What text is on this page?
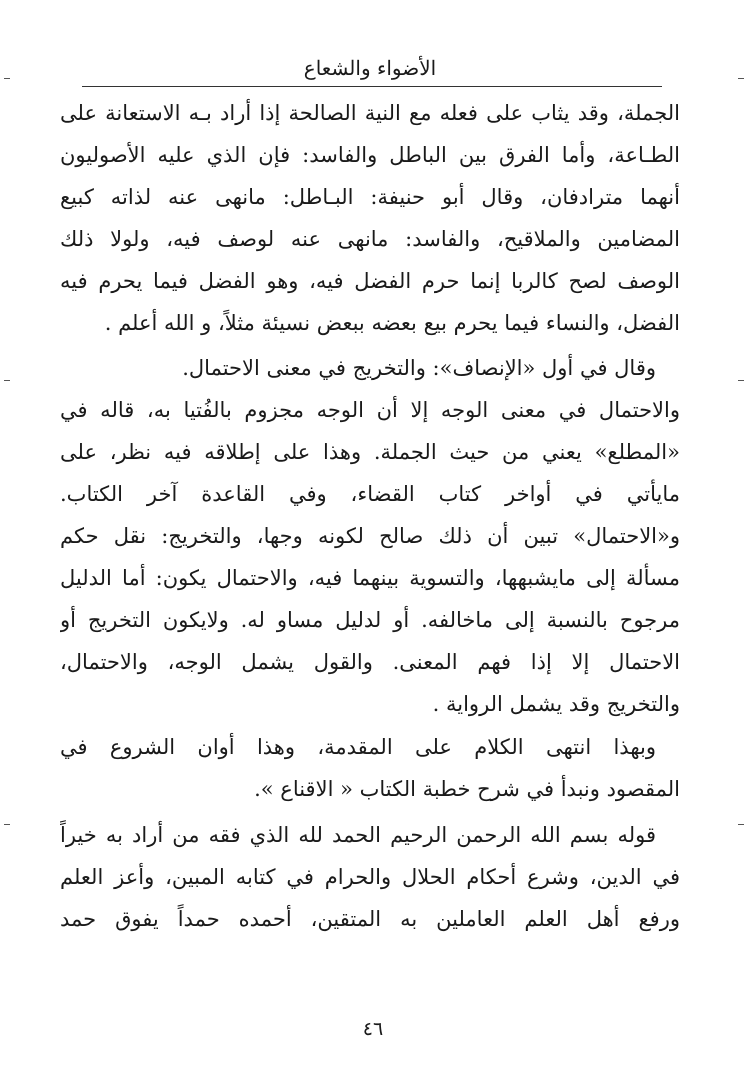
الأضواء والشعاع
الجملة، وقد يثاب على فعله مع النية الصالحة إذا أراد بـه الاستعانة على
الطـاعة، وأما الفرق بين الباطل والفاسد: فإن الذي عليه الأصوليون
أنهما مترادفان، وقال أبو حنيفة: البـاطل: مانهى عنه لذاته كبيع
المضامين والملاقيح، والفاسد: مانهى عنه لوصف فيه، ولولا ذلك
الوصف لصح كالربا إنما حرم الفضل فيه، وهو الفضل فيما يحرم فيه
الفضل، والنساء فيما يحرم بيع بعضه ببعض نسيئة مثلاً، و الله أعلم .
وقال في أول «الإنصاف»: والتخريج في معنى الاحتمال.
والاحتمال في معنى الوجه إلا أن الوجه مجزوم بالفُتيا به، قاله في
«المطلع» يعني من حيث الجملة. وهذا على إطلاقه فيه نظر، على
مايأتي في أواخر كتاب القضاء، وفي القاعدة آخر الكتاب.
و«الاحتمال» تبين أن ذلك صالح لكونه وجها، والتخريج: نقل حكم
مسألة إلى مايشبهها، والتسوية بينهما فيه، والاحتمال يكون: أما الدليل
مرجوح بالنسبة إلى ماخالفه. أو لدليل مساو له. ولايكون التخريج أو
الاحتمال إلا إذا فهم المعنى. والقول يشمل الوجه، والاحتمال،
والتخريج وقد يشمل الرواية .
وبهذا انتهى الكلام على المقدمة، وهذا أوان الشروع في
المقصود ونبدأ في شرح خطبة الكتاب « الاقناع ».
قوله بسم الله الرحمن الرحيم الحمد لله الذي فقه من أراد به خيراً
في الدين، وشرع أحكام الحلال والحرام في كتابه المبين، وأعز العلم
ورفع أهل العلم العاملين به المتقين، أحمده حمداً يفوق حمد
٤٦
